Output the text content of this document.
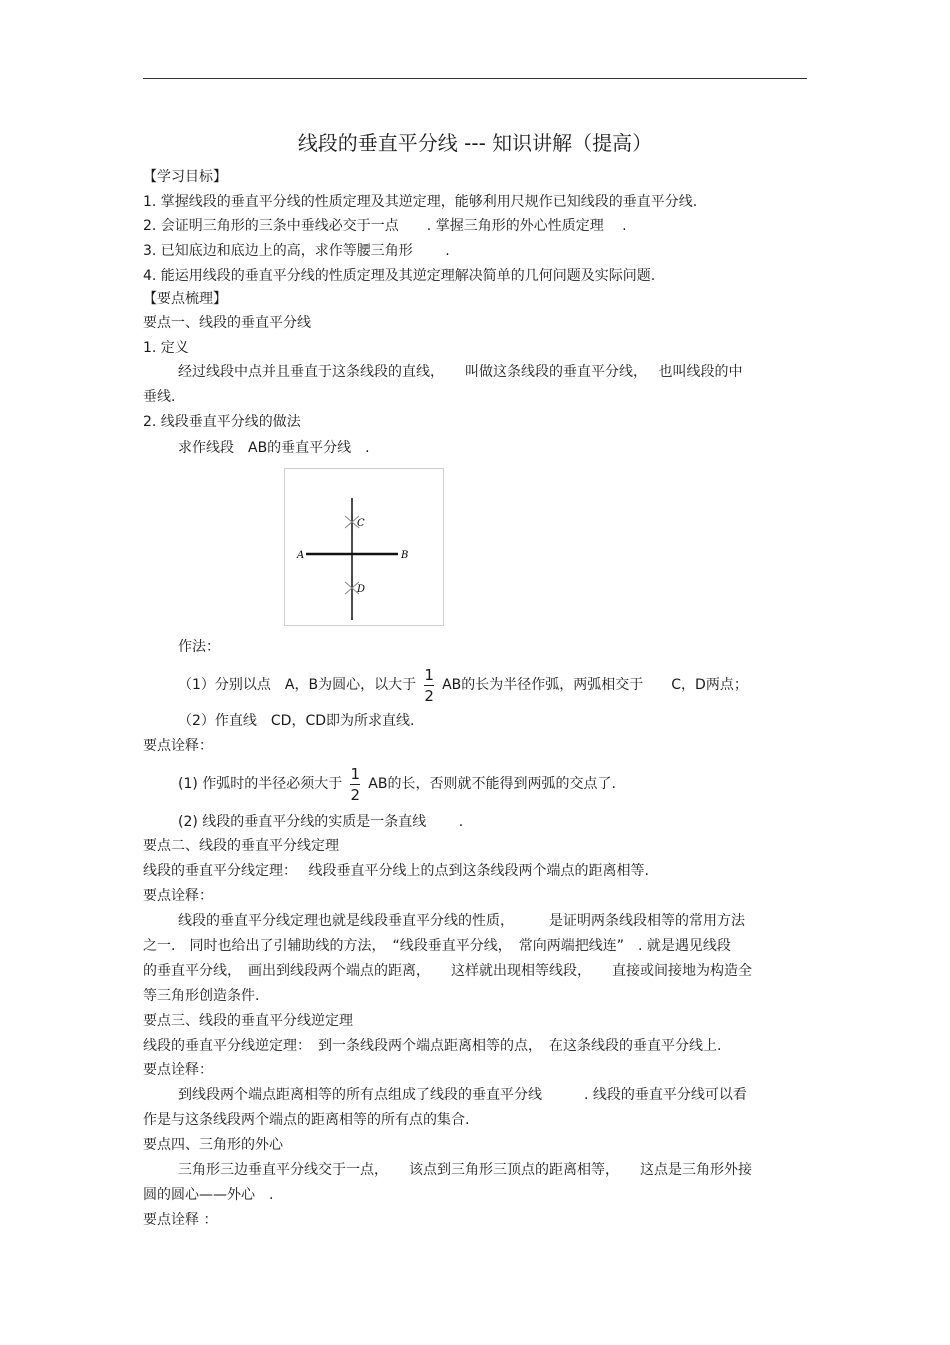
线段的垂直平分线 --- 知识讲解（提高）
【学习目标】
1. 掌握线段的垂直平分线的性质定理及其逆定理，能够利用尺规作已知线段的垂直平分线.
2. 会证明三角形的三条中垂线必交于一点　　. 掌握三角形的外心性质定理　 .
3. 已知底边和底边上的高，求作等腰三角形　　 .
4. 能运用线段的垂直平分线的性质定理及其逆定理解决简单的几何问题及实际问题.
【要点梳理】
要点一、线段的垂直平分线
1. 定义
经过线段中点并且垂直于这条线段的直线，　　叫做这条线段的垂直平分线，　 也叫线段的中
垂线.
2. 线段垂直平分线的做法
求作线段　AB的垂直平分线　.
A	B
C
D
作法：
（1）分别以点　A，B为圆心，以大于 $\frac{1}{2}$ AB的长为半径作弧，两弧相交于　　C，D两点；
（2）作直线　CD，CD即为所求直线.
要点诠释：
(1) 作弧时的半径必须大于 $\frac{1}{2}$ AB的长，否则就不能得到两弧的交点了.
(2) 线段的垂直平分线的实质是一条直线　　 .
要点二、线段的垂直平分线定理
线段的垂直平分线定理：　 线段垂直平分线上的点到这条线段两个端点的距离相等.
要点诠释：
线段的垂直平分线定理也就是线段垂直平分线的性质，　　　是证明两条线段相等的常用方法
之一.　同时也给出了引辅助线的方法，　“线段垂直平分线，　常向两端把线连”　. 就是遇见线段
的垂直平分线，　画出到线段两个端点的距离，　　这样就出现相等线段，　　直接或间接地为构造全
等三角形创造条件.
要点三、线段的垂直平分线逆定理
线段的垂直平分线逆定理：　到一条线段两个端点距离相等的点，　在这条线段的垂直平分线上.
要点诠释：
到线段两个端点距离相等的所有点组成了线段的垂直平分线　　　. 线段的垂直平分线可以看
作是与这条线段两个端点的距离相等的所有点的集合.
要点四、三角形的外心
三角形三边垂直平分线交于一点，　　该点到三角形三顶点的距离相等，　　这点是三角形外接
圆的圆心——外心　.
要点诠释 ：
